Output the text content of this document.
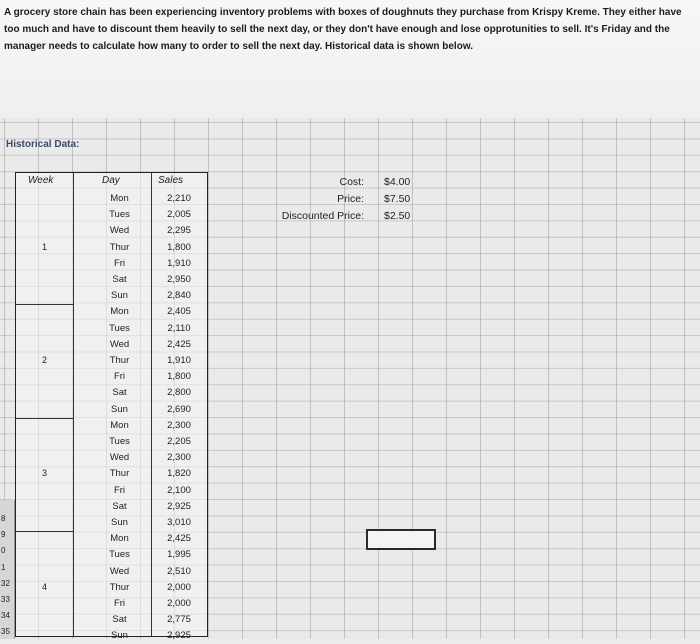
A grocery store chain has been experiencing inventory problems with boxes of doughnuts they purchase from Krispy Kreme. They either have too much and have to discount them heavily to sell the next day, or they don't have enough and lose opprotunities to sell. It's Friday and the manager needs to calculate how many to order to sell the next day. Historical data is shown below.
8
9
0
1
32
33
34
35
Historical Data:
Week	Day	Sales
Mon	2,210
Tues	2,005
Wed	2,295
Thur	1,800
Fri	1,910
Sat	2,950
Sun	2,840
1
Mon	2,405
Tues	2,110
Wed	2,425
Thur	1,910
Fri	1,800
Sat	2,800
Sun	2,690
2
Mon	2,300
Tues	2,205
Wed	2,300
Thur	1,820
Fri	2,100
Sat	2,925
Sun	3,010
3
Mon	2,425
Tues	1,995
Wed	2,510
Thur	2,000
Fri	2,000
Sat	2,775
Sun	2,925
4
Cost: $4.00
Price: $7.50
Discounted Price: $2.50
